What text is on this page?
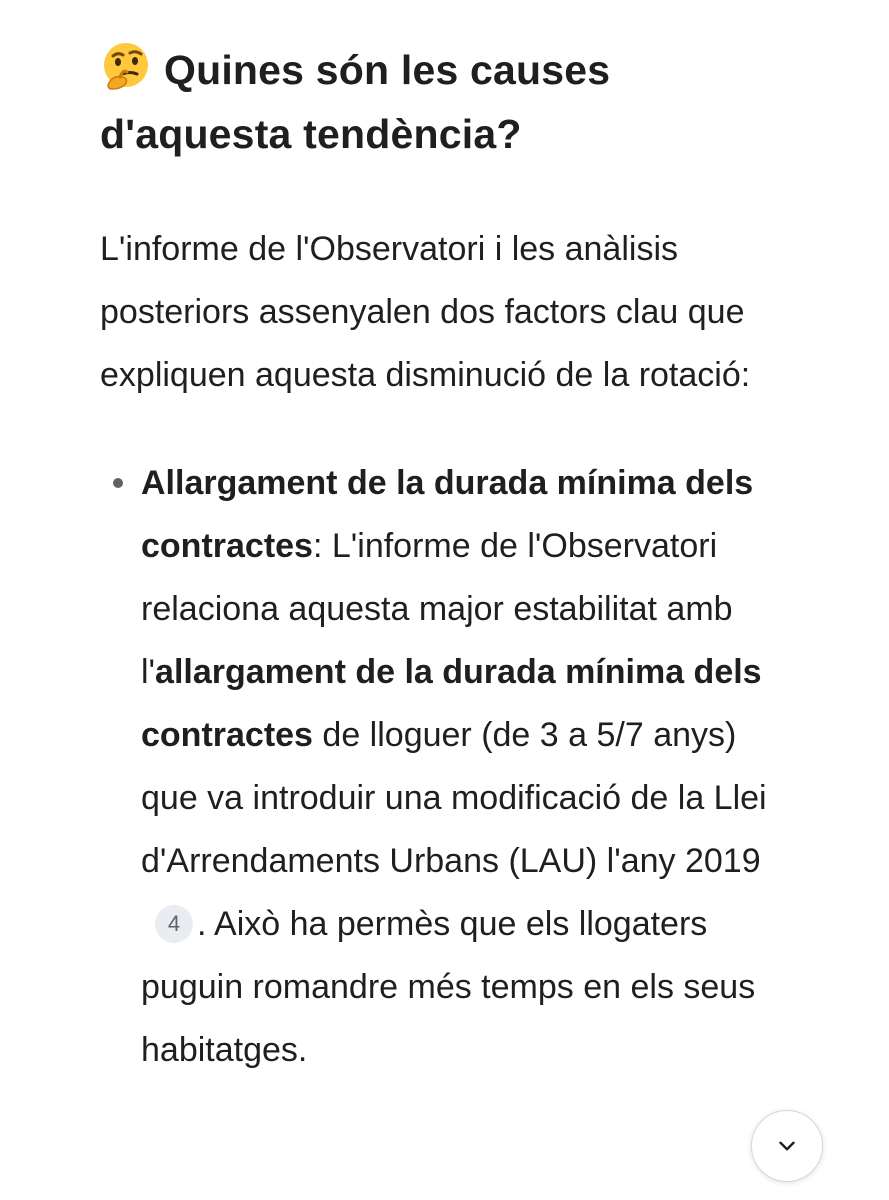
Quines són les causes d'aquesta tendència?

L'informe de l'Observatori i les anàlisis posteriors assenyalen dos factors clau que expliquen aquesta disminució de la rotació:

Allargament de la durada mínima dels contractes: L'informe de l'Observatori relaciona aquesta major estabilitat amb l'allargament de la durada mínima dels contractes de lloguer (de 3 a 5/7 anys) que va introduir una modificació de la Llei d'Arrendaments Urbans (LAU) l'any 20194 . Això ha permès que els llogaters puguin romandre més temps en els seus habitatges.
